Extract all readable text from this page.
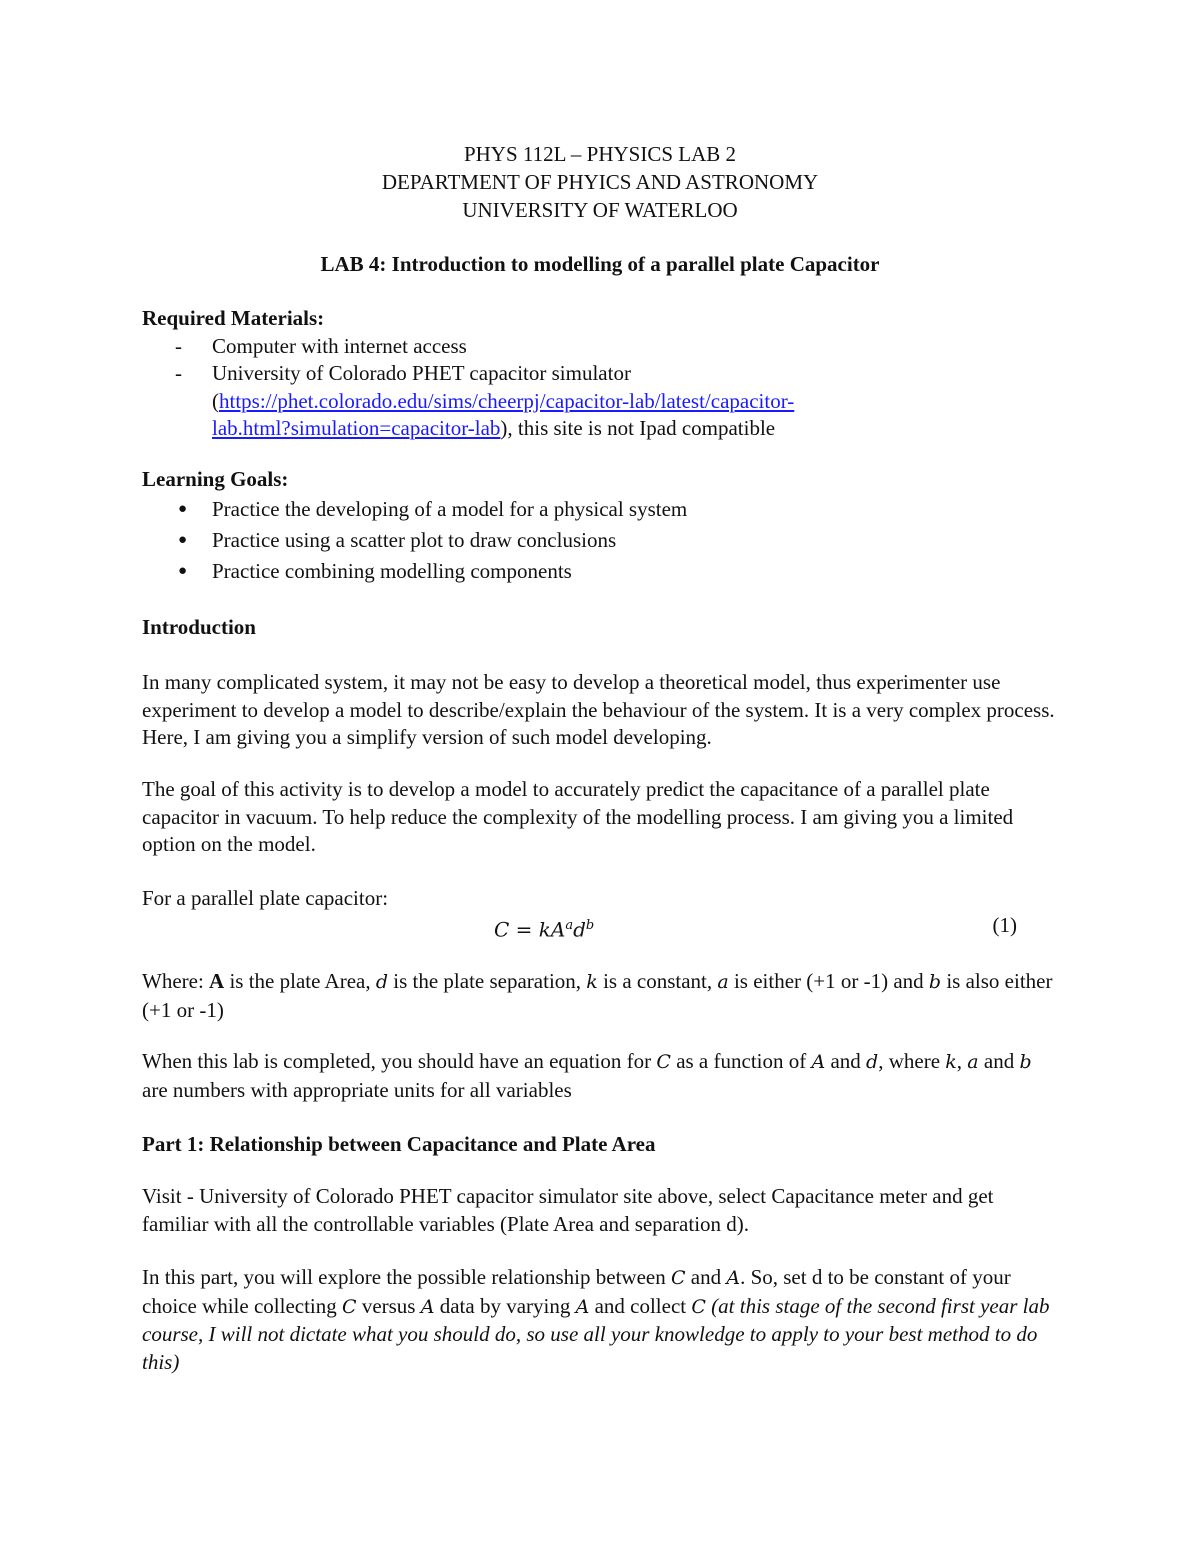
PHYS 112L – PHYSICS LAB 2
DEPARTMENT OF PHYICS AND ASTRONOMY
UNIVERSITY OF WATERLOO
LAB 4: Introduction to modelling of a parallel plate Capacitor
Required Materials:
- Computer with internet access
- University of Colorado PHET capacitor simulator
(https://phet.colorado.edu/sims/cheerpj/capacitor-lab/latest/capacitor-
lab.html?simulation=capacitor-lab), this site is not Ipad compatible
Learning Goals:
● Practice the developing of a model for a physical system
● Practice using a scatter plot to draw conclusions
● Practice combining modelling components
Introduction

In many complicated system, it may not be easy to develop a theoretical model, thus experimenter use experiment to develop a model to describe/explain the behaviour of the system. It is a very complex process. Here, I am giving you a simplify version of such model developing.

The goal of this activity is to develop a model to accurately predict the capacitance of a parallel plate capacitor in vacuum. To help reduce the complexity of the modelling process. I am giving you a limited option on the model.

For a parallel plate capacitor:

$C = kA^ad^b$	(1)

Where: A is the plate Area, d is the plate separation, k is a constant, a is either (+1 or -1) and b is also either (+1 or -1)

When this lab is completed, you should have an equation for C as a function of A and d, where k, a and b are numbers with appropriate units for all variables

Part 1: Relationship between Capacitance and Plate Area

Visit - University of Colorado PHET capacitor simulator site above, select Capacitance meter and get familiar with all the controllable variables (Plate Area and separation d).

In this part, you will explore the possible relationship between C and A. So, set d to be constant of your choice while collecting C versus A data by varying A and collect C (at this stage of the second first year lab course, I will not dictate what you should do, so use all your knowledge to apply to your best method to do this)
